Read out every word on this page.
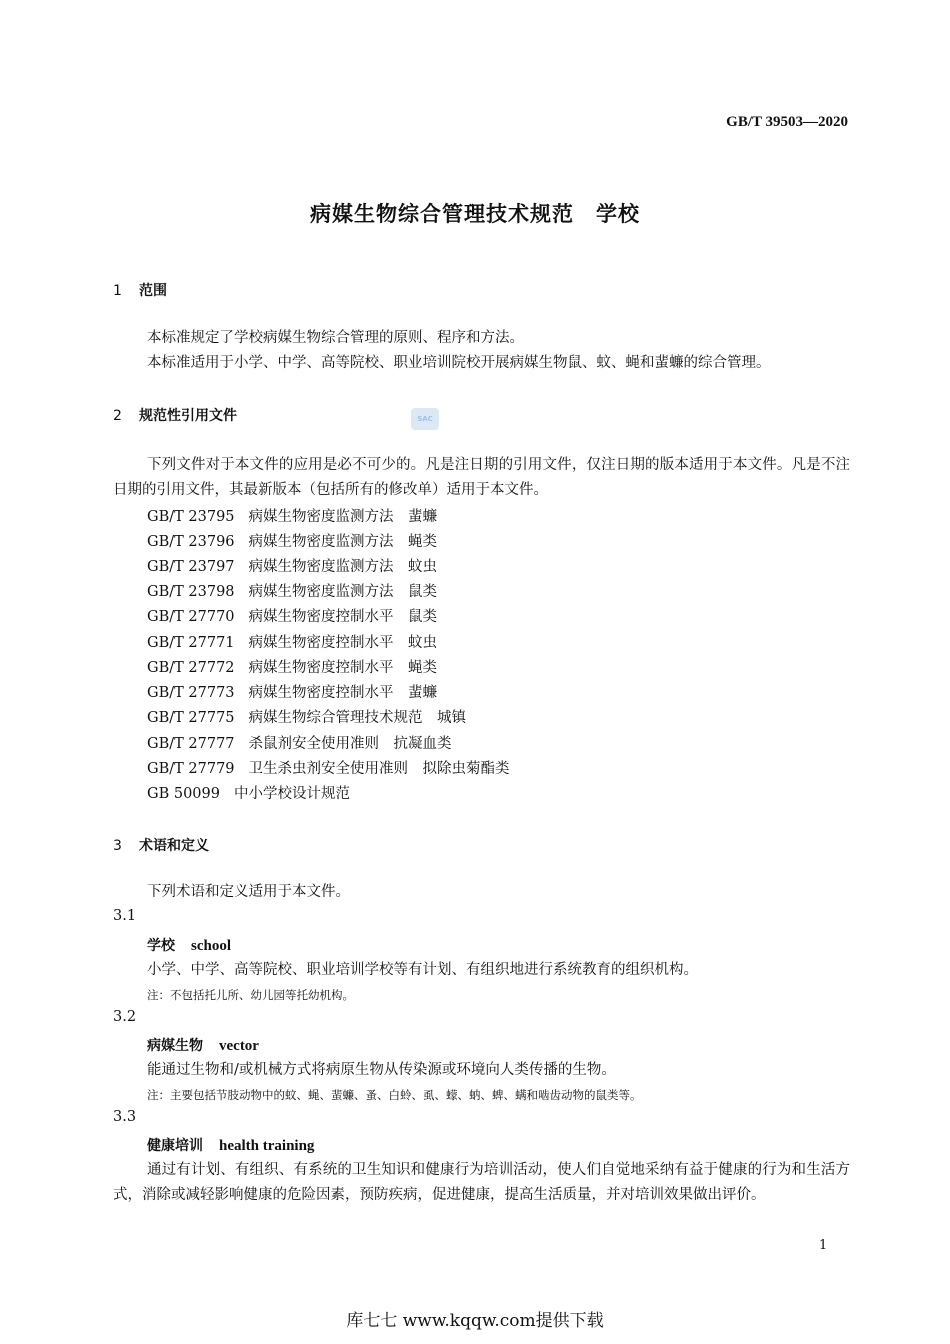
GB/T 39503—2020
病媒生物综合管理技术规范　学校
1 范围
本标准规定了学校病媒生物综合管理的原则、程序和方法。
本标准适用于小学、中学、高等院校、职业培训院校开展病媒生物鼠、蚊、蝇和蜚蠊的综合管理。
2 规范性引用文件	SAC
下列文件对于本文件的应用是必不可少的。凡是注日期的引用文件，仅注日期的版本适用于本文件。凡是不注日期的引用文件，其最新版本（包括所有的修改单）适用于本文件。
GB/T 23795 病媒生物密度监测方法　蜚蠊
GB/T 23796 病媒生物密度监测方法　蝇类
GB/T 23797 病媒生物密度监测方法　蚊虫
GB/T 23798 病媒生物密度监测方法　鼠类
GB/T 27770 病媒生物密度控制水平　鼠类
GB/T 27771 病媒生物密度控制水平　蚊虫
GB/T 27772 病媒生物密度控制水平　蝇类
GB/T 27773 病媒生物密度控制水平　蜚蠊
GB/T 27775 病媒生物综合管理技术规范　城镇
GB/T 27777 杀鼠剂安全使用准则　抗凝血类
GB/T 27779 卫生杀虫剂安全使用准则　拟除虫菊酯类
GB 50099 中小学校设计规范
3 术语和定义
下列术语和定义适用于本文件。
3.1
学校 school
小学、中学、高等院校、职业培训学校等有计划、有组织地进行系统教育的组织机构。
注：不包括托儿所、幼儿园等托幼机构。
3.2
病媒生物 vector
能通过生物和/或机械方式将病原生物从传染源或环境向人类传播的生物。
注：主要包括节肢动物中的蚊、蝇、蜚蠊、蚤、白蛉、虱、蠓、蚋、蜱、螨和啮齿动物的鼠类等。
3.3
健康培训 health training
通过有计划、有组织、有系统的卫生知识和健康行为培训活动，使人们自觉地采纳有益于健康的行为和生活方式，消除或减轻影响健康的危险因素，预防疾病，促进健康，提高生活质量，并对培训效果做出评价。
1
库七七 www.kqqw.com提供下载
